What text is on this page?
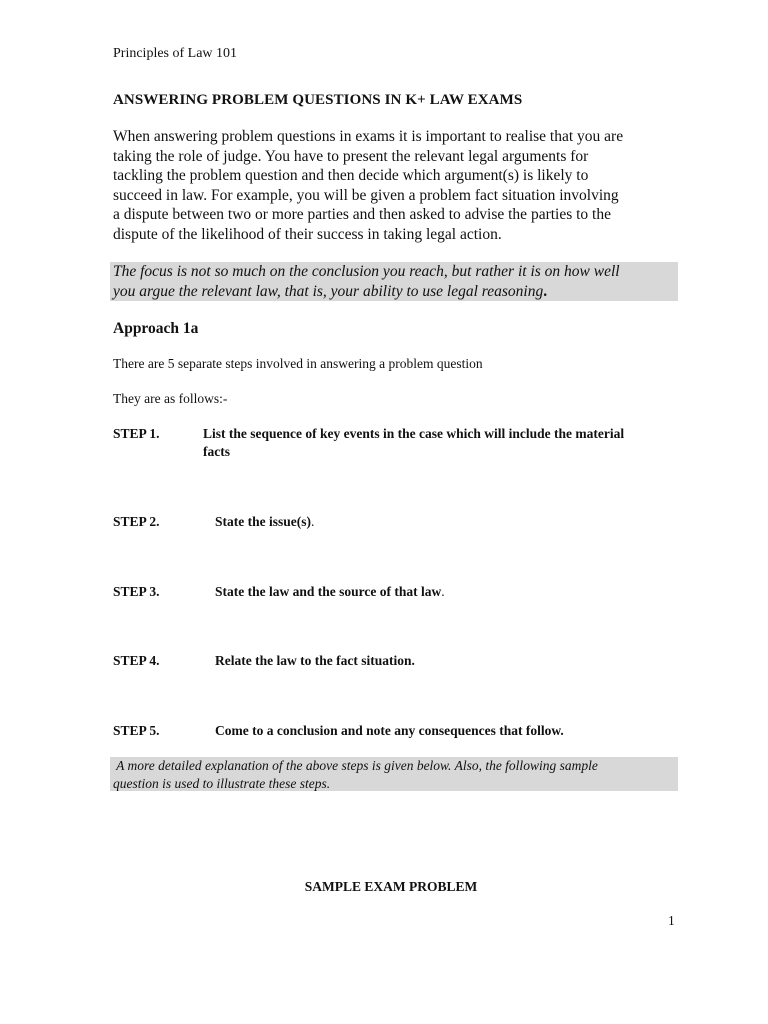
Principles of Law 101
ANSWERING PROBLEM QUESTIONS IN K+ LAW EXAMS
When answering problem questions in exams it is important to realise that you are
taking the role of judge. You have to present the relevant legal arguments for
tackling the problem question and then decide which argument(s) is likely to
succeed in law. For example, you will be given a problem fact situation involving
a dispute between two or more parties and then asked to advise the parties to the
dispute of the likelihood of their success in taking legal action.
The focus is not so much on the conclusion you reach, but rather it is on how well
you argue the relevant law, that is, your ability to use legal reasoning.
Approach 1a
There are 5 separate steps involved in answering a problem question
They are as follows:-
STEP 1.	List the sequence of key events in the case which will include the material
facts
STEP 2.	State the issue(s).
STEP 3.	State the law and the source of that law.
STEP 4.	Relate the law to the fact situation.
STEP 5.	Come to a conclusion and note any consequences that follow.
A more detailed explanation of the above steps is given below. Also, the following sample
question is used to illustrate these steps.
SAMPLE EXAM PROBLEM
1
